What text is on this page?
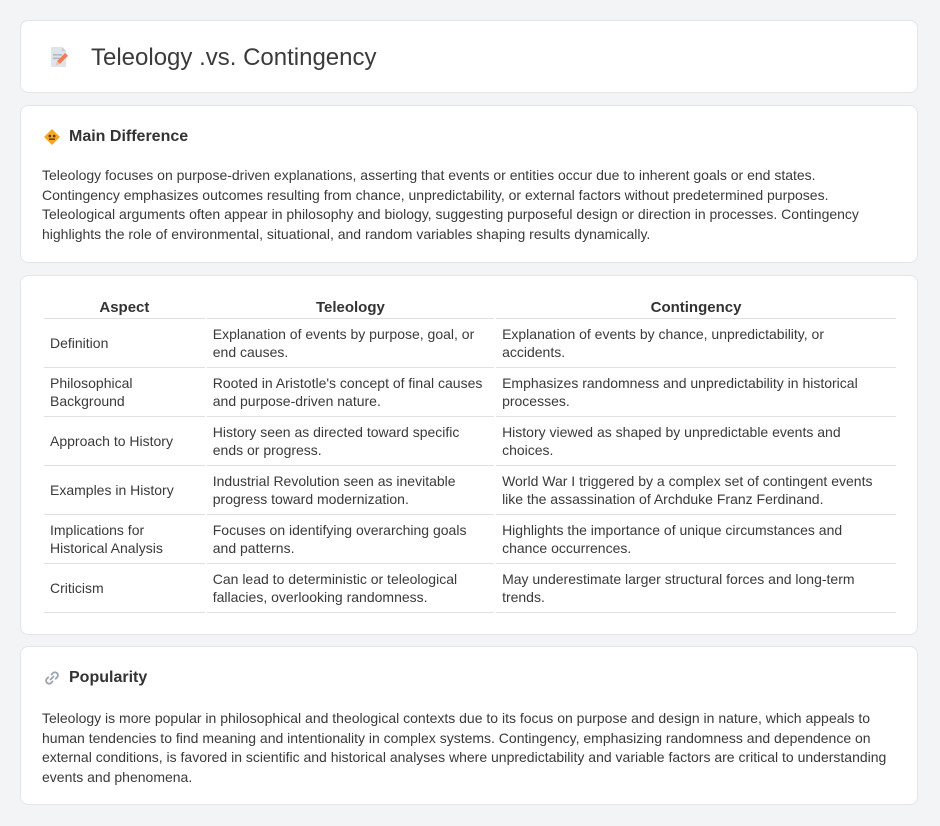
Teleology .vs. Contingency
Main Difference

Teleology focuses on purpose-driven explanations, asserting that events or entities occur due to inherent goals or end states. Contingency emphasizes outcomes resulting from chance, unpredictability, or external factors without predetermined purposes. Teleological arguments often appear in philosophy and biology, suggesting purposeful design or direction in processes. Contingency highlights the role of environmental, situational, and random variables shaping results dynamically.

Aspect	Teleology	Contingency
Definition	Explanation of events by purpose, goal, or end causes.	Explanation of events by chance, unpredictability, or accidents.
Philosophical Background	Rooted in Aristotle's concept of final causes and purpose-driven nature.	Emphasizes randomness and unpredictability in historical processes.
Approach to History	History seen as directed toward specific ends or progress.	History viewed as shaped by unpredictable events and choices.
Examples in History	Industrial Revolution seen as inevitable progress toward modernization.	World War I triggered by a complex set of contingent events like the assassination of Archduke Franz Ferdinand.
Implications for Historical Analysis	Focuses on identifying overarching goals and patterns.	Highlights the importance of unique circumstances and chance occurrences.
Criticism	Can lead to deterministic or teleological fallacies, overlooking randomness.	May underestimate larger structural forces and long-term trends.
Popularity

Teleology is more popular in philosophical and theological contexts due to its focus on purpose and design in nature, which appeals to human tendencies to find meaning and intentionality in complex systems. Contingency, emphasizing randomness and dependence on external conditions, is favored in scientific and historical analyses where unpredictability and variable factors are critical to understanding events and phenomena.
